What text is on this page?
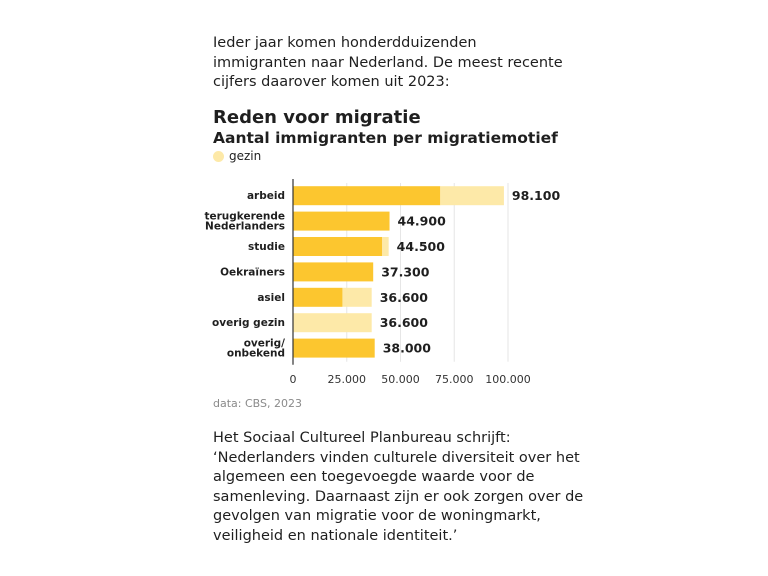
Ieder jaar komen honderdduizenden immigranten naar Nederland. De meest recente cijfers daarover komen uit 2023:

Reden voor migratie
Aantal immigranten per migratiemotief
gezin
98.100
arbeid
44.900
terugkerende Nederlanders
44.500
studie
37.300
Oekraïners
36.600
asiel
36.600
overig gezin
38.000
overig/ onbekend
0	25.000 50.000 75.000 100.000

data: CBS, 2023

Het Sociaal Cultureel Planbureau schrijft:
‘Nederlanders vinden culturele diversiteit over het
algemeen een toegevoegde waarde voor de
samenleving. Daarnaast zijn er ook zorgen over de
gevolgen van migratie voor de woningmarkt,
veiligheid en nationale identiteit.’
